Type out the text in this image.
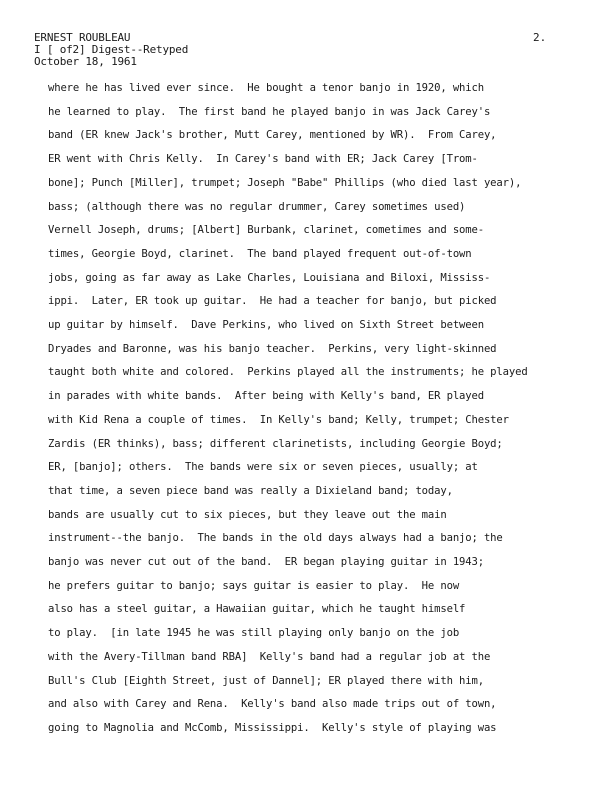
ERNEST ROUBLEAU
I [ of2] Digest--Retyped
October 18, 1961
2.
where he has lived ever since.  He bought a tenor banjo in 1920, which
he learned to play.  The first band he played banjo in was Jack Carey's
band (ER knew Jack's brother, Mutt Carey, mentioned by WR).  From Carey,
ER went with Chris Kelly.  In Carey's band with ER; Jack Carey [Trom-
bone]; Punch [Miller], trumpet; Joseph "Babe" Phillips (who died last year),
bass; (although there was no regular drummer, Carey sometimes used)
Vernell Joseph, drums; [Albert] Burbank, clarinet, cometimes and some-
times, Georgie Boyd, clarinet.  The band played frequent out-of-town
jobs, going as far away as Lake Charles, Louisiana and Biloxi, Mississ-
ippi.  Later, ER took up guitar.  He had a teacher for banjo, but picked
up guitar by himself.  Dave Perkins, who lived on Sixth Street between
Dryades and Baronne, was his banjo teacher.  Perkins, very light-skinned
taught both white and colored.  Perkins played all the instruments; he played
in parades with white bands.  After being with Kelly's band, ER played
with Kid Rena a couple of times.  In Kelly's band; Kelly, trumpet; Chester
Zardis (ER thinks), bass; different clarinetists, including Georgie Boyd;
ER, [banjo]; others.  The bands were six or seven pieces, usually; at
that time, a seven piece band was really a Dixieland band; today,
bands are usually cut to six pieces, but they leave out the main
instrument--the banjo.  The bands in the old days always had a banjo; the
banjo was never cut out of the band.  ER began playing guitar in 1943;
he prefers guitar to banjo; says guitar is easier to play.  He now
also has a steel guitar, a Hawaiian guitar, which he taught himself
to play.  [in late 1945 he was still playing only banjo on the job
with the Avery-Tillman band RBA]  Kelly's band had a regular job at the
Bull's Club [Eighth Street, just of Dannel]; ER played there with him,
and also with Carey and Rena.  Kelly's band also made trips out of town,
going to Magnolia and McComb, Mississippi.  Kelly's style of playing was
